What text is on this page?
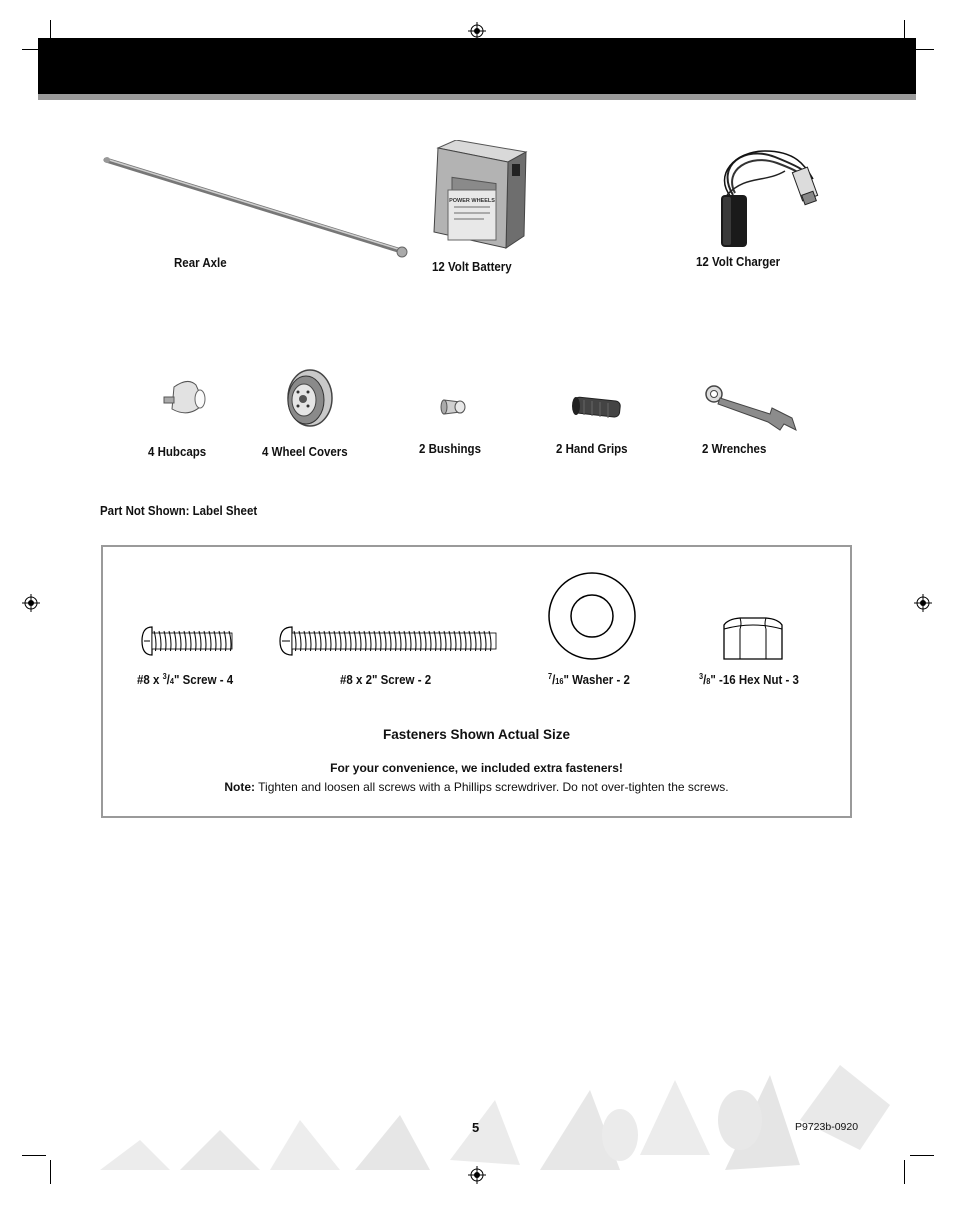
Rear Axle
POWER WHEELS
12 Volt Battery	12 Volt Charger
4 Hubcaps	4 Wheel Covers	2 Bushings	2 Hand Grips	2 Wrenches
Part Not Shown: Label Sheet
#8 x $^3$/4" Screw - 4	#8 x 2" Screw - 2	$^7$/16" Washer - 2	$^3$/8" -16 Hex Nut - 3
Fasteners Shown Actual Size
For your convenience, we included extra fasteners!
Note: Tighten and loosen all screws with a Phillips screwdriver. Do not over-tighten the screws.
5	P9723b-0920
